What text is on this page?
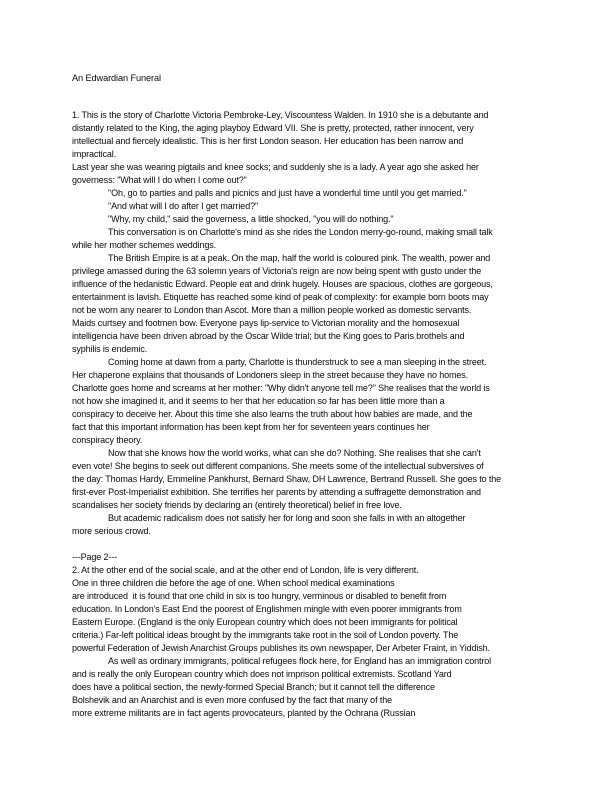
An Edwardian Funeral
1. This is the story of Charlotte Victoria Pembroke-Ley, Viscountess Walden. In 1910 she is a debutante and
distantly related to the King, the aging playboy Edward VII. She is pretty, protected, rather innocent, very
intellectual and fiercely idealistic. This is her first London season. Her education has been narrow and
impractical.
Last year she was wearing pigtails and knee socks; and suddenly she is a lady. A year ago she asked her
governess: "What will I do when I come out?"
"Oh, go to parties and palls and picnics and just have a wonderful time until you get married."
"And what will I do after I get married?"
"Why, my child," said the governess, a little shocked, "you will do nothing."
This conversation is on Charlotte's mind as she rides the London merry-go-round, making small talk
while her mother schemes weddings.
The British Empire is at a peak. On the map, half the world is coloured pink. The wealth, power and
privilege amassed during the 63 solemn years of Victoria's reign are now being spent with gusto under the
influence of the hedanistic Edward. People eat and drink hugely. Houses are spacious, clothes are gorgeous,
entertainment is lavish. Etiquette has reached some kind of peak of complexity: for example born boots may
not be worn any nearer to London than Ascot. More than a million people worked as domestic servants.
Maids curtsey and footmen bow. Everyone pays lip-service to Victorian morality and the homosexual
intelligencia have been driven abroad by the Oscar Wilde trial; but the King goes to Paris brothels and
syphilis is endemic.
Coming home at dawn from a party, Charlotte is thunderstruck to see a man sleeping in the street.
Her chaperone explains that thousands of Londoners sleep in the street because they have no homes.
Charlotte goes home and screams at her mother: "Why didn't anyone tell me?" She realises that the world is
not how she imagined it, and it seems to her that her education so far has been little more than a
conspiracy to deceive her. About this time she also learns the truth about how babies are made, and the
fact that this important information has been kept from her for seventeen years continues her
conspiracy theory.
Now that she knows how the world works, what can she do? Nothing. She realises that she can't
even vote! She begins to seek out different companions. She meets some of the intellectual subversives of
the day: Thomas Hardy, Emmeline Pankhurst, Bernard Shaw, DH Lawrence, Bertrand Russell. She goes to the
first-ever Post-Imperialist exhibition. She terrifies her parents by attending a suffragette demonstration and
scandalises her society friends by declaring an (entirely theoretical) belief in free love.
But academic radicalism does not satisfy her for long and soon she falls in with an altogether
more serious crowd.

---Page 2---
2. At the other end of the social scale, and at the other end of London, life is very different.
One in three children die before the age of one. When school medical examinations
are introduced  it is found that one child in six is too hungry, verminous or disabled to benefit from
education. In London's East End the poorest of Englishmen mingle with even poorer immigrants from
Eastern Europe. (England is the only European country which does not been immigrants for political
criteria.) Far-left political ideas brought by the immigrants take root in the soil of London poverty. The
powerful Federation of Jewish Anarchist Groups publishes its own newspaper, Der Arbeter Fraint, in Yiddish.
As well as ordinary immigrants, political refugees flock here, for England has an immigration control
and is really the only European country which does not imprison political extremists. Scotland Yard
does have a political section, the newly-formed Special Branch; but it cannot tell the difference
Bolshevik and an Anarchist and is even more confused by the fact that many of the
more extreme militants are in fact agents provocateurs, planted by the Ochrana (Russian
